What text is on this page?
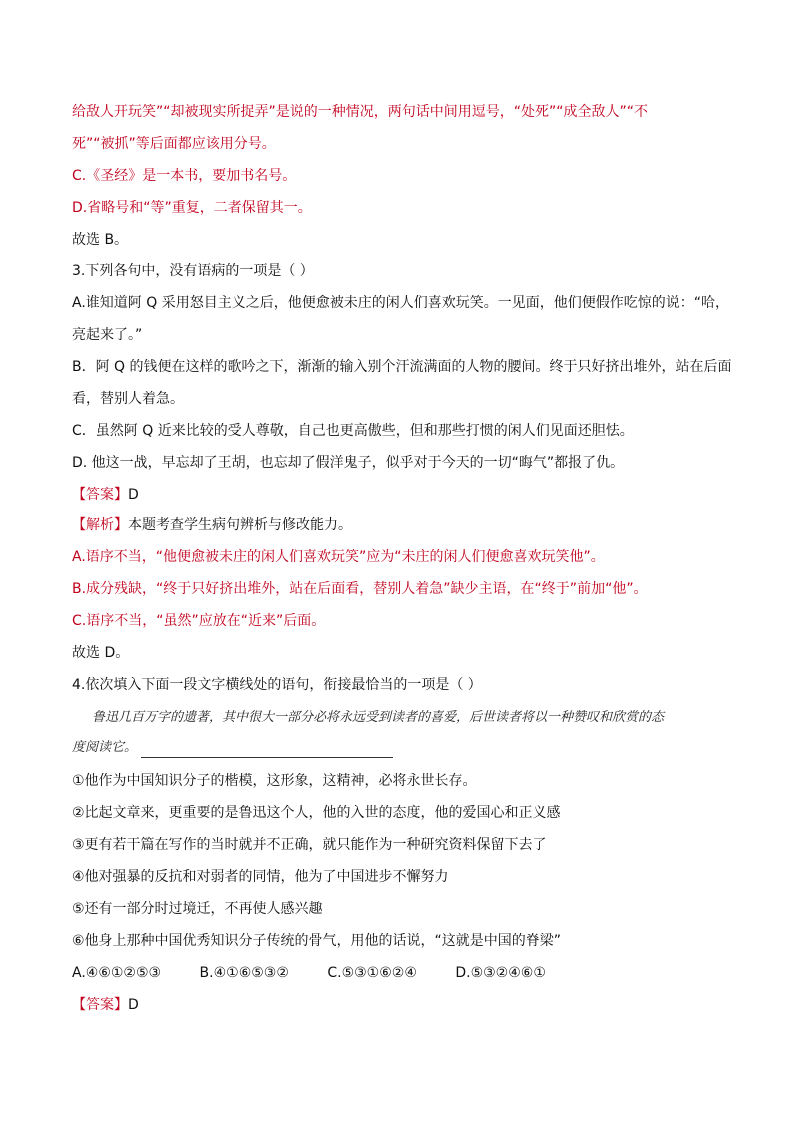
给敌人开玩笑”“却被现实所捉弄”是说的一种情况，两句话中间用逗号，“处死”“成全敌人”“不
死”“被抓”等后面都应该用分号。
C.《圣经》是一本书，要加书名号。
D.省略号和“等”重复，二者保留其一。
故选 B。
3.下列各句中，没有语病的一项是（ ）
A.谁知道阿 Q 采用怒目主义之后，他便愈被未庄的闲人们喜欢玩笑。一见面，他们便假作吃惊的说：“哈，
亮起来了。”
B．阿 Q 的钱便在这样的歌吟之下，渐渐的输入别个汗流满面的人物的腰间。终于只好挤出堆外，站在后面
看，替别人着急。
C．虽然阿 Q 近来比较的受人尊敬，自己也更高傲些，但和那些打惯的闲人们见面还胆怯。
D. 他这一战，早忘却了王胡，也忘却了假洋鬼子，似乎对于今天的一切“晦气”都报了仇。
【答案】D
【解析】本题考查学生病句辨析与修改能力。
A.语序不当，“他便愈被未庄的闲人们喜欢玩笑”应为“未庄的闲人们便愈喜欢玩笑他”。
B.成分残缺，“终于只好挤出堆外，站在后面看，替别人着急”缺少主语，在“终于”前加“他”。
C.语序不当，“虽然”应放在“近来”后面。
故选 D。
4.依次填入下面一段文字横线处的语句，衔接最恰当的一项是（ ）
鲁迅几百万字的遗著，其中很大一部分必将永远受到读者的喜爱，后世读者将以一种赞叹和欣赏的态
度阅读它。
①他作为中国知识分子的楷模，这形象，这精神，必将永世长存。
②比起文章来，更重要的是鲁迅这个人，他的入世的态度，他的爱国心和正义感
③更有若干篇在写作的当时就并不正确，就只能作为一种研究资料保留下去了
④他对强暴的反抗和对弱者的同情，他为了中国进步不懈努力
⑤还有一部分时过境迁，不再使人感兴趣
⑥他身上那种中国优秀知识分子传统的骨气，用他的话说，“这就是中国的脊梁”
A.④⑥①②⑤③	B.④①⑥⑤③②	C.⑤③①⑥②④	D.⑤③②④⑥①
【答案】D
